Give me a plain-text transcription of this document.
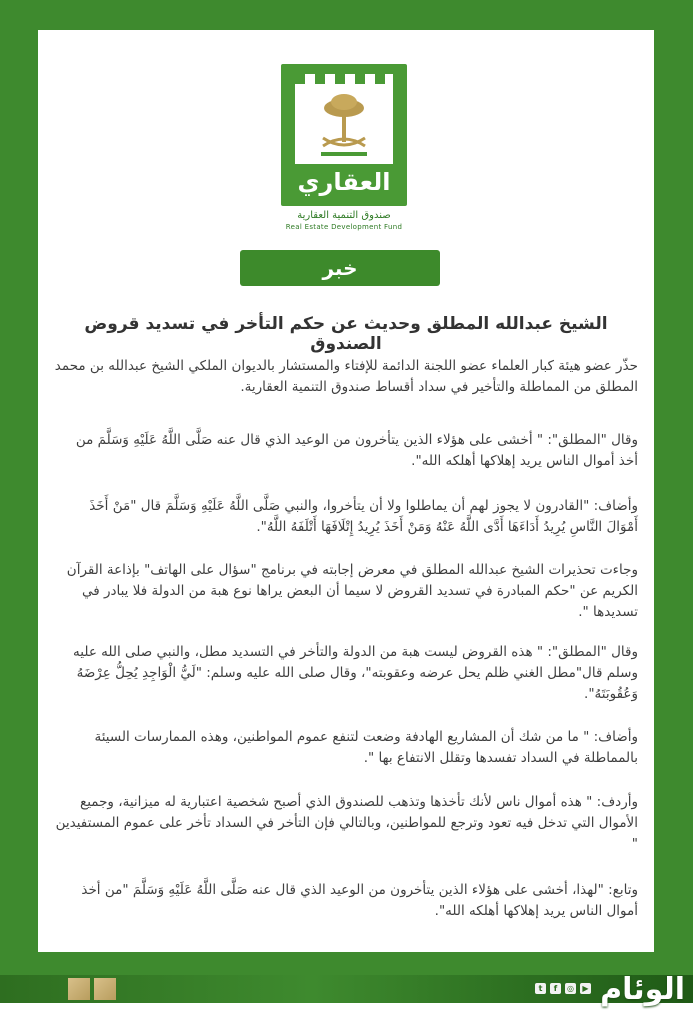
العقاري
صندوق التنمية العقارية
Real Estate Development Fund
خبر
الشيخ عبدالله المطلق وحديث عن حكم التأخر في تسديد قروض الصندوق
حذّر عضو هيئة كبار العلماء عضو اللجنة الدائمة للإفتاء والمستشار بالديوان الملكي الشيخ عبدالله بن محمد المطلق من المماطلة والتأخير في سداد أقساط صندوق التنمية العقارية.
وقال "المطلق": " أخشى على هؤلاء الذين يتأخرون من الوعيد الذي قال عنه صَلَّى اللَّهُ عَلَيْهِ وَسَلَّمَ من أخذ أموال الناس يريد إهلاكها أهلكه الله".
وأضاف: "القادرون لا يجوز لهم أن يماطلوا ولا أن يتأخروا، والنبي صَلَّى اللَّهُ عَلَيْهِ وَسَلَّمَ قال "مَنْ أَخَذَ أَمْوَالَ النَّاسِ يُرِيدُ أَدَاءَهَا أَدَّى اللَّهُ عَنْهُ وَمَنْ أَخَذَ يُرِيدُ إِتْلَافَهَا أَتْلَفَهُ اللَّهُ".
وجاءت تحذيرات الشيخ عبدالله المطلق في معرض إجابته في برنامج "سؤال على الهاتف" بإذاعة القرآن الكريم عن "حكم المبادرة في تسديد القروض لا سيما أن البعض يراها نوع هبة من الدولة فلا يبادر في تسديدها ".
وقال "المطلق": " هذه القروض ليست هبة من الدولة والتأخر في التسديد مطل، والنبي صلى الله عليه وسلم قال"مطل الغني ظلم يحل عرضه وعقوبته"، وقال صلى الله عليه وسلم: "لَيُّ الْوَاجِدِ يُحِلُّ عِرْضَهُ وَعُقُوبَتَهُ".
وأضاف: " ما من شك أن المشاريع الهادفة وضعت لتنفع عموم المواطنين، وهذه الممارسات السيئة بالمماطلة في السداد تفسدها وتقلل الانتفاع بها ".
وأردف: " هذه أموال ناس لأنك تأخذها وتذهب للصندوق الذي أصبح شخصية اعتبارية له ميزانية، وجميع الأموال التي تدخل فيه تعود وترجع للمواطنين، وبالتالي فإن التأخر في السداد تأخر على عموم المستفيدين "
وتابع: "لهذا، أخشى على هؤلاء الذين يتأخرون من الوعيد الذي قال عنه صَلَّى اللَّهُ عَلَيْهِ وَسَلَّمَ "من أخذ أموال الناس يريد إهلاكها أهلكه الله".
t	f	◎	▶ الوئام
